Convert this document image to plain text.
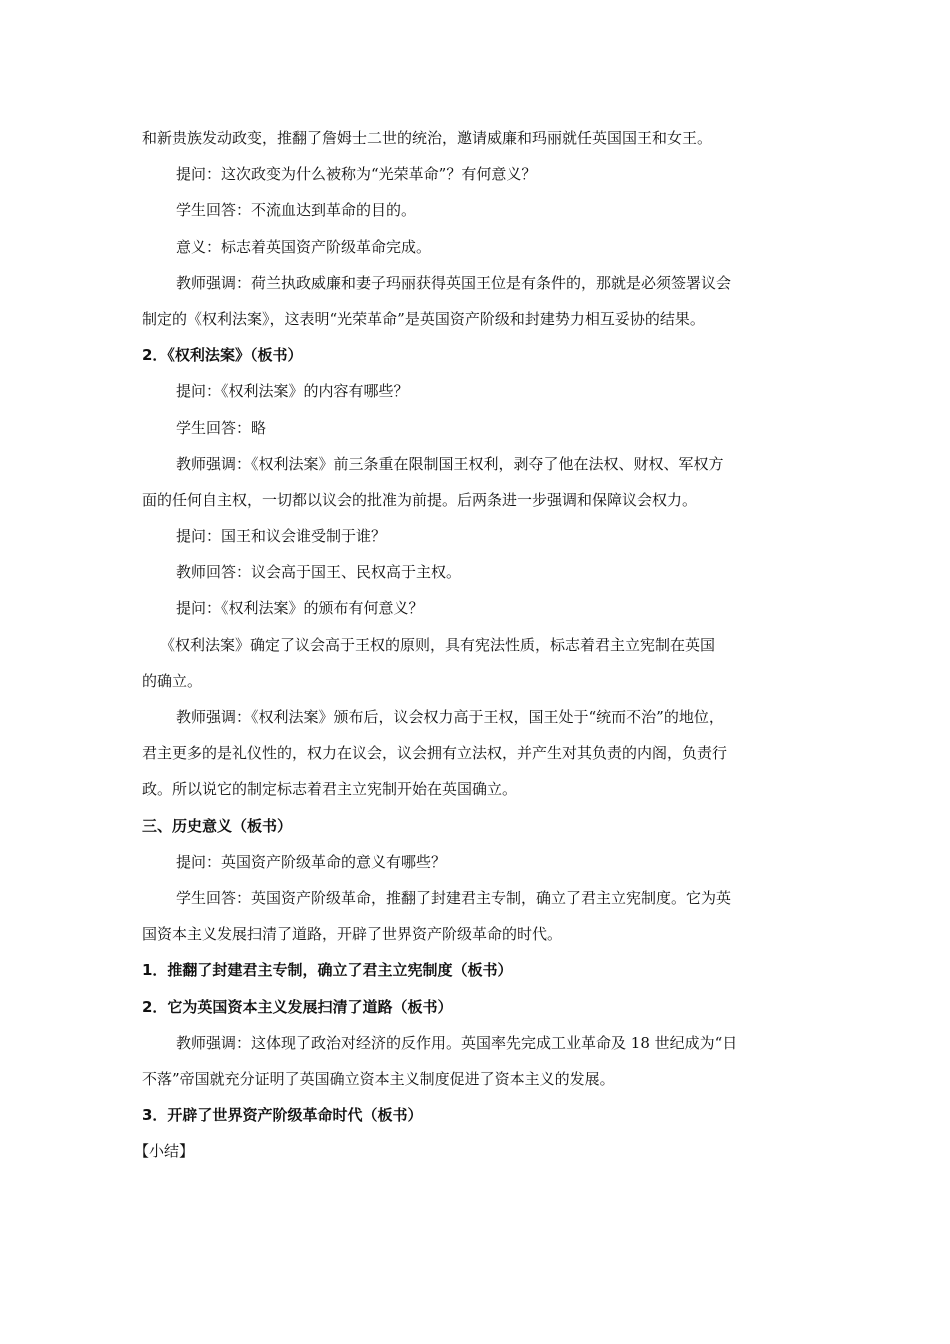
和新贵族发动政变，推翻了詹姆士二世的统治，邀请威廉和玛丽就任英国国王和女王。
提问：这次政变为什么被称为“光荣革命”？有何意义？
学生回答：不流血达到革命的目的。
意义：标志着英国资产阶级革命完成。
教师强调：荷兰执政威廉和妻子玛丽获得英国王位是有条件的，那就是必须签署议会
制定的《权利法案》，这表明“光荣革命”是英国资产阶级和封建势力相互妥协的结果。
2．《权利法案》（板书）
提问：《权利法案》的内容有哪些？
学生回答：略
教师强调：《权利法案》前三条重在限制国王权利，剥夺了他在法权、财权、军权方
面的任何自主权，一切都以议会的批准为前提。后两条进一步强调和保障议会权力。
提问：国王和议会谁受制于谁？
教师回答：议会高于国王、民权高于主权。
提问：《权利法案》的颁布有何意义？
《权利法案》确定了议会高于王权的原则，具有宪法性质，标志着君主立宪制在英国
的确立。
教师强调：《权利法案》颁布后，议会权力高于王权，国王处于“统而不治”的地位，
君主更多的是礼仪性的，权力在议会，议会拥有立法权，并产生对其负责的内阁，负责行
政。所以说它的制定标志着君主立宪制开始在英国确立。
三、历史意义（板书）
提问：英国资产阶级革命的意义有哪些？
学生回答：英国资产阶级革命，推翻了封建君主专制，确立了君主立宪制度。它为英
国资本主义发展扫清了道路，开辟了世界资产阶级革命的时代。
1．推翻了封建君主专制，确立了君主立宪制度（板书）
2．它为英国资本主义发展扫清了道路（板书）
教师强调：这体现了政治对经济的反作用。英国率先完成工业革命及 18 世纪成为“日
不落”帝国就充分证明了英国确立资本主义制度促进了资本主义的发展。
3．开辟了世界资产阶级革命时代（板书）
【小结】
